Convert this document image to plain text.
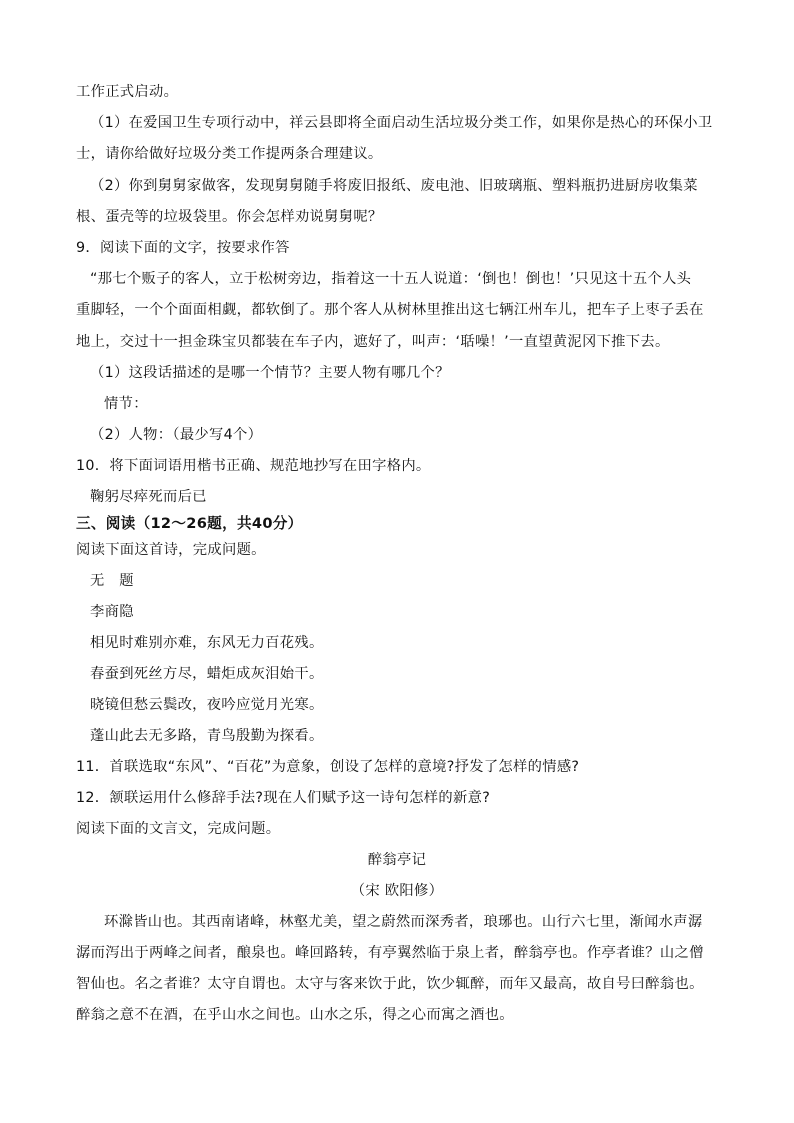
工作正式启动。
（1）在爱国卫生专项行动中，祥云县即将全面启动生活垃圾分类工作，如果你是热心的环保小卫
士，请你给做好垃圾分类工作提两条合理建议。
（2）你到舅舅家做客，发现舅舅随手将废旧报纸、废电池、旧玻璃瓶、塑料瓶扔进厨房收集菜
根、蛋壳等的垃圾袋里。你会怎样劝说舅舅呢？
9．阅读下面的文字，按要求作答
“那七个贩子的客人，立于松树旁边，指着这一十五人说道：‘倒也！倒也！’只见这十五个人头
重脚轻，一个个面面相觑，都软倒了。那个客人从树林里推出这七辆江州车儿，把车子上枣子丢在
地上，交过十一担金珠宝贝都装在车子内，遮好了，叫声：‘聒噪！’一直望黄泥冈下推下去。
（1）这段话描述的是哪一个情节？主要人物有哪几个？
情节：
（2）人物：（最少写4个）
10．将下面词语用楷书正确、规范地抄写在田字格内。
鞠躬尽瘁死而后已
三、阅读（12～26题，共40分）
阅读下面这首诗，完成问题。
无　题
李商隐
相见时难别亦难，东风无力百花残。
春蚕到死丝方尽，蜡炬成灰泪始干。
晓镜但愁云鬓改，夜吟应觉月光寒。
蓬山此去无多路，青鸟殷勤为探看。
11．首联选取“东风”、“百花”为意象，创设了怎样的意境?抒发了怎样的情感?
12．颔联运用什么修辞手法?现在人们赋予这一诗句怎样的新意?
阅读下面的文言文，完成问题。
醉翁亭记
（宋 欧阳修）
环滁皆山也。其西南诸峰，林壑尤美，望之蔚然而深秀者，琅琊也。山行六七里，渐闻水声潺
潺而泻出于两峰之间者，酿泉也。峰回路转，有亭翼然临于泉上者，醉翁亭也。作亭者谁？山之僧
智仙也。名之者谁？太守自谓也。太守与客来饮于此，饮少辄醉，而年又最高，故自号曰醉翁也。
醉翁之意不在酒，在乎山水之间也。山水之乐，得之心而寓之酒也。
